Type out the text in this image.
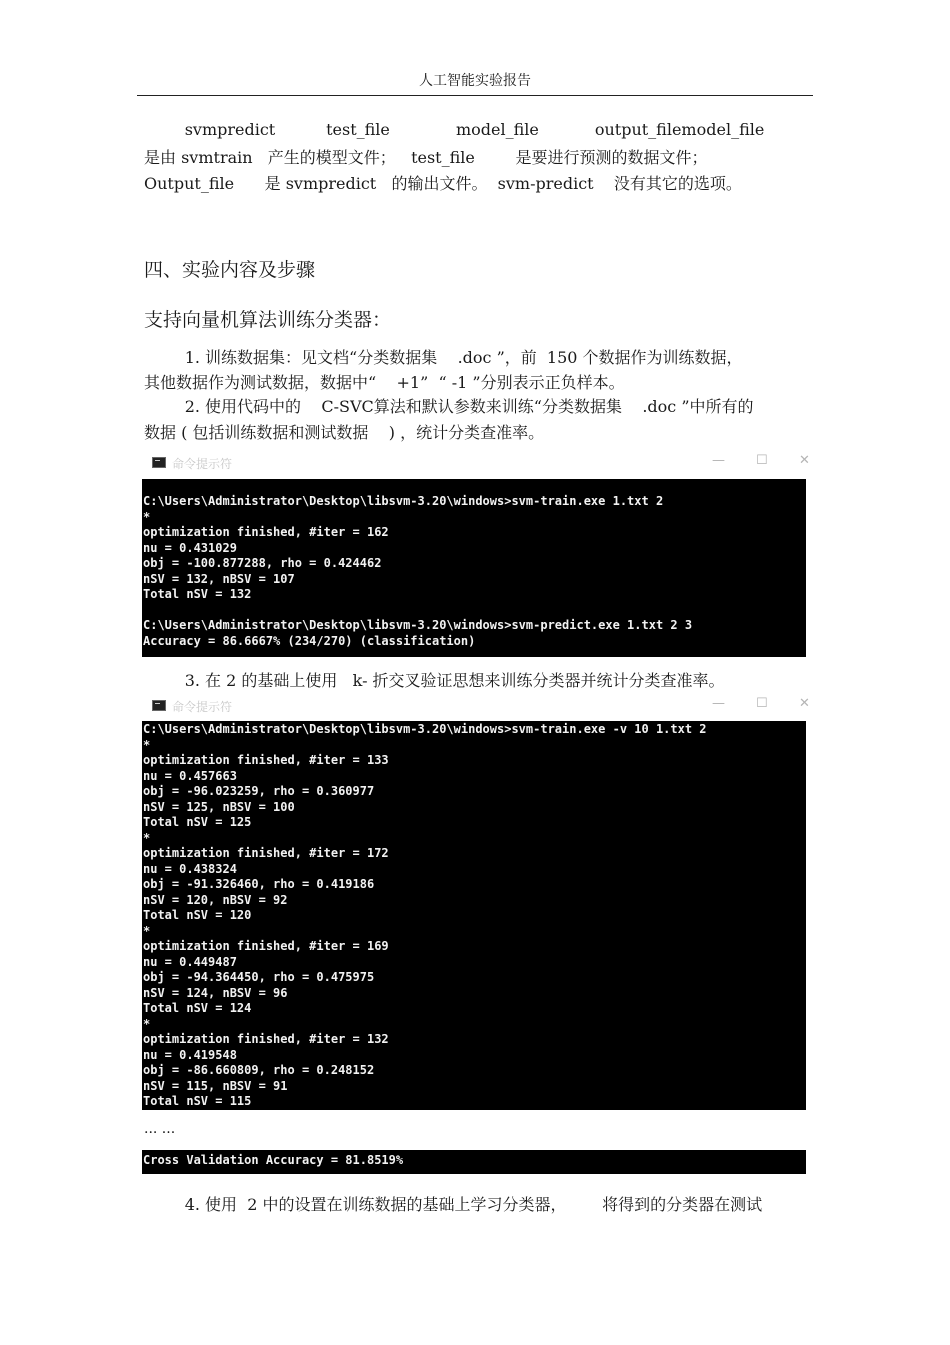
人工智能实验报告
svmpredict          test_file             model_file           output_filemodel_file
是由 svmtrain   产生的模型文件；   test_file        是要进行预测的数据文件；
Output_file      是 svmpredict   的输出文件。  svm-predict    没有其它的选项。
四、实验内容及步骤
支持向量机算法训练分类器：
1. 训练数据集：见文档“分类数据集    .doc ”，前  150 个数据作为训练数据，
其他数据作为测试数据，数据中“    +1”  “ -1 ”分别表示正负样本。
2. 使用代码中的    C-SVC算法和默认参数来训练“分类数据集    .doc ”中所有的
数据 ( 包括训练数据和测试数据    ) ，统计分类查准率。
命令提示符	— ☐ ✕
C:\Users\Administrator\Desktop\libsvm-3.20\windows>svm-train.exe 1.txt 2
*
optimization finished, #iter = 162
nu = 0.431029
obj = -100.877288, rho = 0.424462
nSV = 132, nBSV = 107
Total nSV = 132
C:\Users\Administrator\Desktop\libsvm-3.20\windows>svm-predict.exe 1.txt 2 3
Accuracy = 86.6667% (234/270) (classification)
3. 在 2 的基础上使用   k- 折交叉验证思想来训练分类器并统计分类查准率。
命令提示符	— ☐ ✕
C:\Users\Administrator\Desktop\libsvm-3.20\windows>svm-train.exe -v 10 1.txt 2
*
optimization finished, #iter = 133
nu = 0.457663
obj = -96.023259, rho = 0.360977
nSV = 125, nBSV = 100
Total nSV = 125
*
optimization finished, #iter = 172
nu = 0.438324
obj = -91.326460, rho = 0.419186
nSV = 120, nBSV = 92
Total nSV = 120
*
optimization finished, #iter = 169
nu = 0.449487
obj = -94.364450, rho = 0.475975
nSV = 124, nBSV = 96
Total nSV = 124
*
optimization finished, #iter = 132
nu = 0.419548
obj = -86.660809, rho = 0.248152
nSV = 115, nBSV = 91
Total nSV = 115
... ...
Cross Validation Accuracy = 81.8519%
4. 使用  2 中的设置在训练数据的基础上学习分类器，       将得到的分类器在测试
